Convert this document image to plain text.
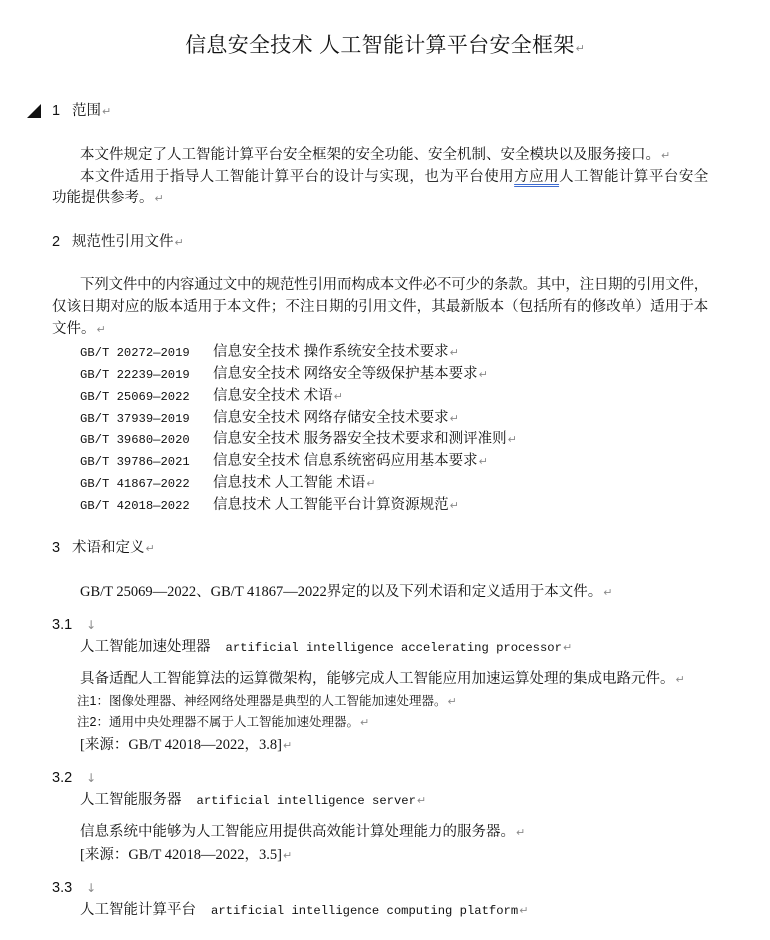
信息安全技术 人工智能计算平台安全框架 ↵
1 范围 ↵
本文件规定了人工智能计算平台安全框架的安全功能、安全机制、安全模块以及服务接口。 ↵
本文件适用于指导人工智能计算平台的设计与实现，也为平台使用方应用人工智能计算平台安全
功能提供参考。 ↵
2 规范性引用文件 ↵
下列文件中的内容通过文中的规范性引用而构成本文件必不可少的条款。其中，注日期的引用文件，
仅该日期对应的版本适用于本文件；不注日期的引用文件，其最新版本（包括所有的修改单）适用于本
文件。 ↵
GB/T 20272—2019 信息安全技术 操作系统安全技术要求 ↵
GB/T 22239—2019 信息安全技术 网络安全等级保护基本要求 ↵
GB/T 25069—2022 信息安全技术 术语 ↵
GB/T 37939—2019 信息安全技术 网络存储安全技术要求 ↵
GB/T 39680—2020 信息安全技术 服务器安全技术要求和测评准则 ↵
GB/T 39786—2021 信息安全技术 信息系统密码应用基本要求 ↵
GB/T 41867—2022 信息技术 人工智能 术语 ↵
GB/T 42018—2022 信息技术 人工智能平台计算资源规范 ↵
3 术语和定义 ↵
GB/T 25069—2022、GB/T 41867—2022界定的以及下列术语和定义适用于本文件。 ↵
3.1 ↓
人工智能加速处理器 artificial intelligence accelerating processor ↵
具备适配人工智能算法的运算微架构，能够完成人工智能应用加速运算处理的集成电路元件。 ↵
注1：图像处理器、神经网络处理器是典型的人工智能加速处理器。 ↵
注2：通用中央处理器不属于人工智能加速处理器。 ↵
[来源：GB/T 42018—2022，3.8] ↵
3.2 ↓
人工智能服务器 artificial intelligence server ↵
信息系统中能够为人工智能应用提供高效能计算处理能力的服务器。 ↵
[来源：GB/T 42018—2022，3.5] ↵
3.3 ↓
人工智能计算平台 artificial intelligence computing platform ↵
